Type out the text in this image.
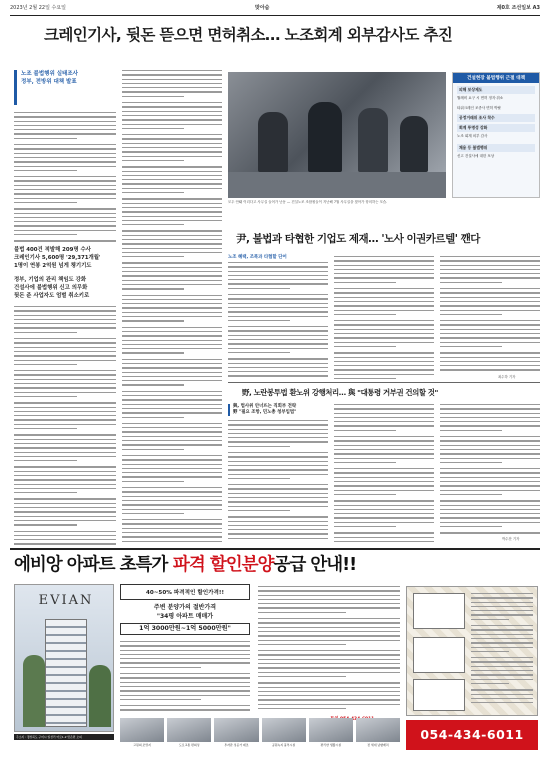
2023년 2월 22일 수요일	맞아숨	제0호 조선일보 A3
크레인기사, 뒷돈 뜯으면 면허취소… 노조회계 외부감사도 추진
노조 불법행위 실태조사
정부, 전방위 대책 발표
불법 400건 적발해 209명 수사
크레인기사 5,600명 '29,371개월'
1명이 연봉 2억원 넘게 챙기기도
정부, 기업의 관리 책임도 강화
건설사에 불법행위 신고 의무화
뒷돈 준 사업자도 엄벌 취소키로
모두 안돼 이리다고 사무실 들어가 난동 — 건설노조 조합원들이 지난해 7월 사무실을 찾아가 항의하는 모습.
건설현장 불법행위 근절 대책
피해 보상제도
월례비 요구 시 면허 정지·취소
타워크레인 조종사 면허 박탈
공정거래위 조사 착수
회계 투명성 강화
노조 회계 외부 감사
채용 등 불법행위
신고 건설사에 대한 포상
尹, 불법과 타협한 기업도 제재… '노사 이권카르텔' 깬다
노조 혜택, 조폭과 타협할 단어
최수하 기자
野, 노란봉투법 환노위 강행처리… 與 "대통령 거부권 건의할 것"
與, 법사위 안너뜨는 직회부 전략
野 "필요 조항, 민노총 청부입법"
박수찬 기자
에비앙 아파트 초특가 파격 할인분양공급 안내!!
EVIAN	40~50% 파격적인 할인가격!!
주변 분양가의 절반가격
"34평 아파트 매매가
1억 3000만원~1억 5000만원"
054-434-6011
주소지 : 경상북도 구미시 일선리 어로1-2 맞은편 오피
고원의 조망지	도로교통 편의성	투자관 성공가 제조	공원녹지 풍부시설	편리한 생활시설	전 세대 남향배치
